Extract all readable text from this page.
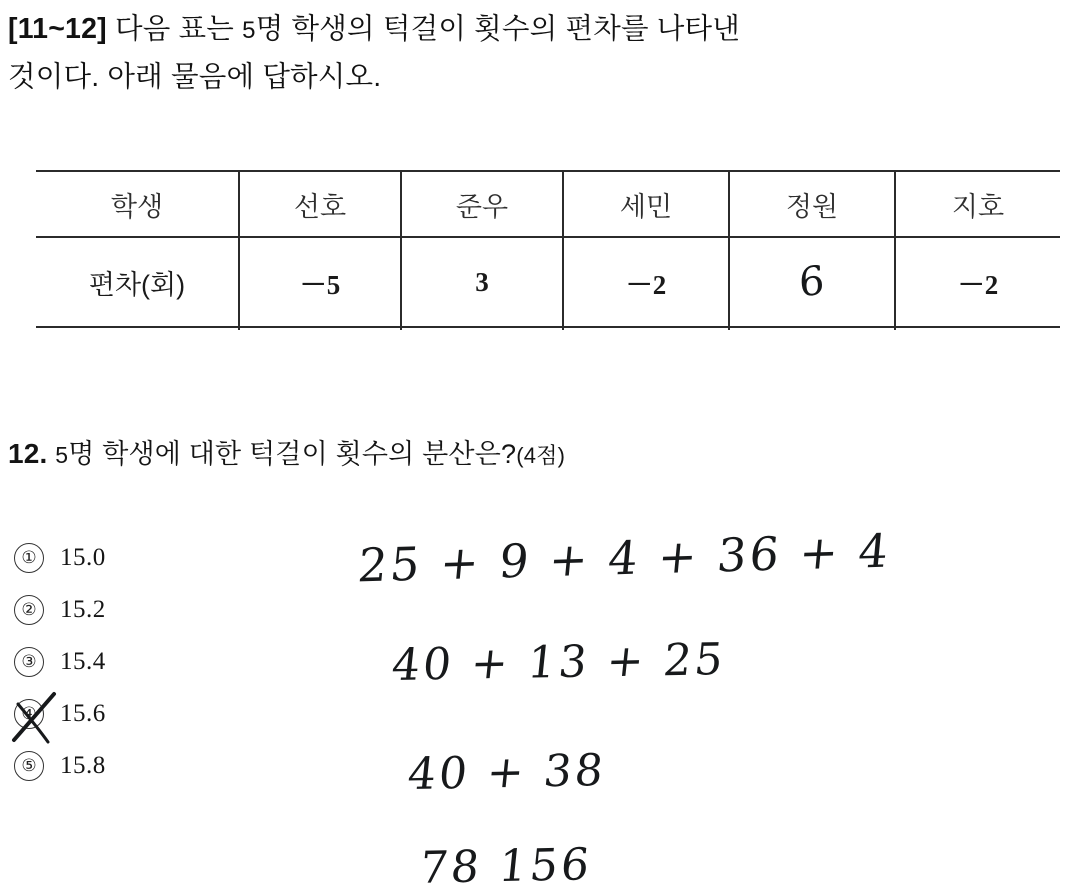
[11~12] 다음 표는 5명 학생의 턱걸이 횟수의 편차를 나타낸
것이다. 아래 물음에 답하시오.
학생	선호	준우	세민	정원	지호
편차(회)	－5	3	－2	6	－2

12. 5명 학생에 대한 턱걸이 횟수의 분산은?(4점)
① 15.0
② 15.2
③ 15.4
④ 15.6
⑤ 15.8
25 + 9 + 4 + 36 + 4
40 + 13 + 25
40 + 38
78 156
